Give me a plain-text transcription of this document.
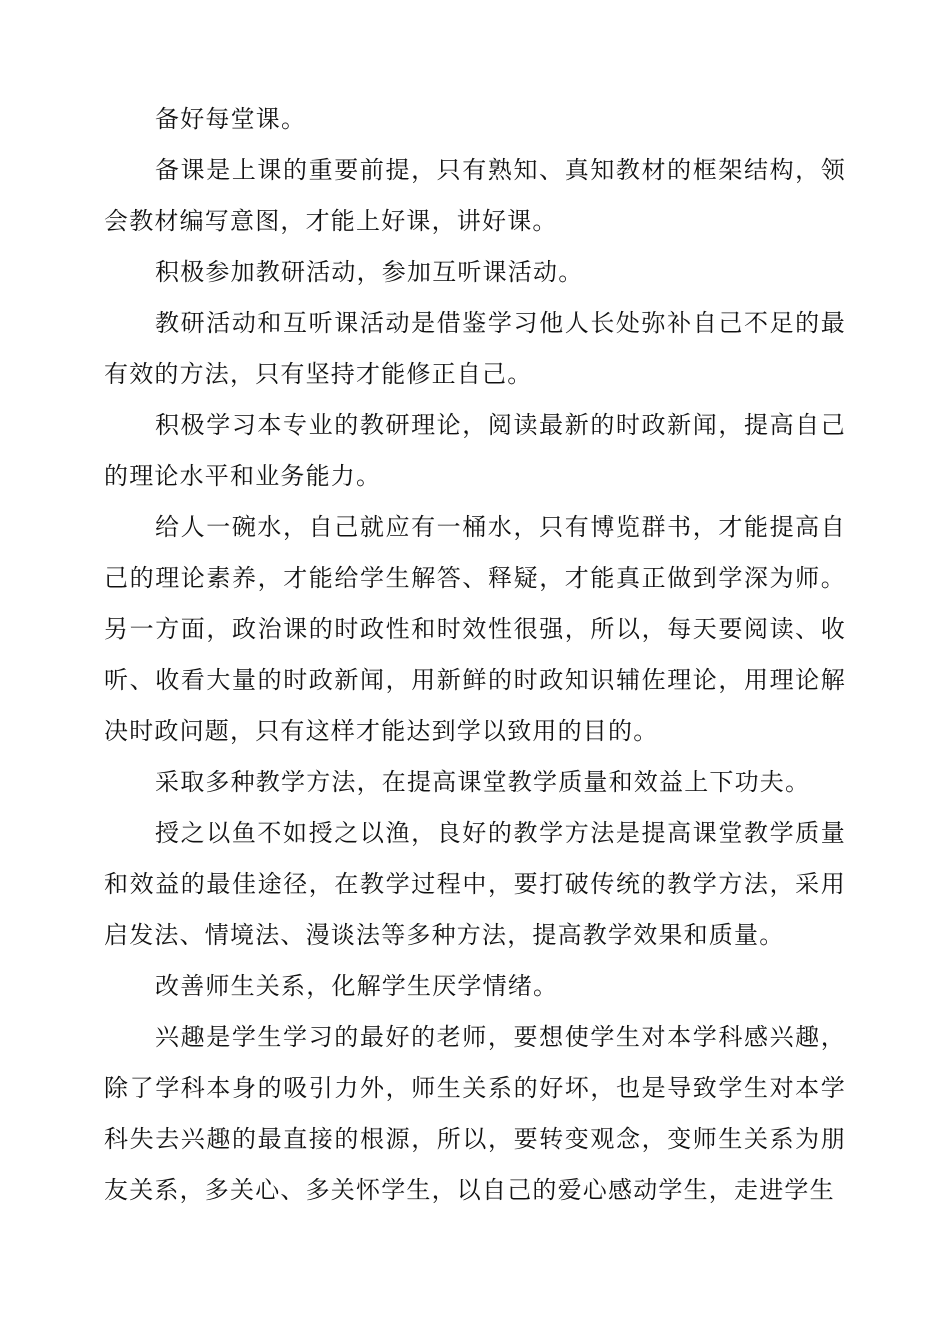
备好每堂课。

备课是上课的重要前提，只有熟知、真知教材的框架结构，领会教材编写意图，才能上好课，讲好课。

积极参加教研活动，参加互听课活动。

教研活动和互听课活动是借鉴学习他人长处弥补自己不足的最有效的方法，只有坚持才能修正自己。

积极学习本专业的教研理论，阅读最新的时政新闻，提高自己的理论水平和业务能力。

给人一碗水，自己就应有一桶水，只有博览群书，才能提高自己的理论素养，才能给学生解答、释疑，才能真正做到学深为师。另一方面，政治课的时政性和时效性很强，所以，每天要阅读、收听、收看大量的时政新闻，用新鲜的时政知识辅佐理论，用理论解决时政问题，只有这样才能达到学以致用的目的。

采取多种教学方法，在提高课堂教学质量和效益上下功夫。

授之以鱼不如授之以渔，良好的教学方法是提高课堂教学质量和效益的最佳途径，在教学过程中，要打破传统的教学方法，采用启发法、情境法、漫谈法等多种方法，提高教学效果和质量。

改善师生关系，化解学生厌学情绪。

兴趣是学生学习的最好的老师，要想使学生对本学科感兴趣，除了学科本身的吸引力外，师生关系的好坏，也是导致学生对本学科失去兴趣的最直接的根源，所以，要转变观念，变师生关系为朋友关系，多关心、多关怀学生，以自己的爱心感动学生，走进学生
